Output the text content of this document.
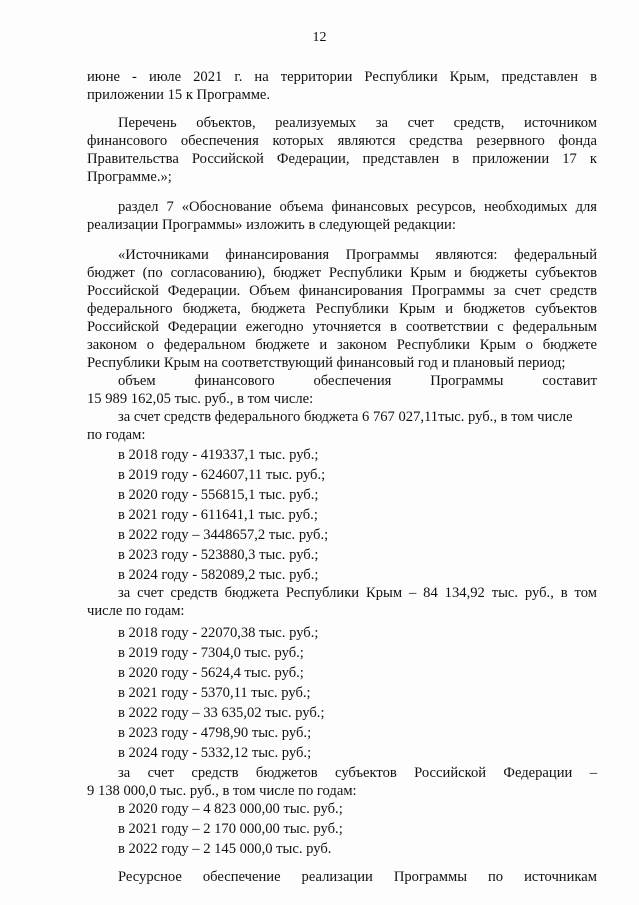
12
июне - июле 2021 г. на территории Республики Крым, представлен в
приложении 15 к Программе.
Перечень объектов, реализуемых за счет средств, источником
финансового обеспечения которых являются средства резервного фонда
Правительства Российской Федерации, представлен в приложении 17 к
Программе.»;
раздел 7 «Обоснование объема финансовых ресурсов, необходимых для
реализации Программы» изложить в следующей редакции:
«Источниками финансирования Программы являются: федеральный
бюджет (по согласованию), бюджет Республики Крым и бюджеты субъектов
Российской Федерации. Объем финансирования Программы за счет средств
федерального бюджета, бюджета Республики Крым и бюджетов субъектов
Российской Федерации ежегодно уточняется в соответствии с федеральным
законом о федеральном бюджете и законом Республики Крым о бюджете
Республики Крым на соответствующий финансовый год и плановый период;
объем финансового обеспечения Программы составит
15 989 162,05 тыс. руб., в том числе:
за счет средств федерального бюджета 6 767 027,11тыс. руб., в том числе
по годам:
в 2018 году - 419337,1 тыс. руб.;
в 2019 году - 624607,11 тыс. руб.;
в 2020 году - 556815,1 тыс. руб.;
в 2021 году - 611641,1 тыс. руб.;
в 2022 году – 3448657,2 тыс. руб.;
в 2023 году - 523880,3 тыс. руб.;
в 2024 году - 582089,2 тыс. руб.;
за счет средств бюджета Республики Крым – 84 134,92 тыс. руб., в том
числе по годам:
в 2018 году - 22070,38 тыс. руб.;
в 2019 году - 7304,0 тыс. руб.;
в 2020 году - 5624,4 тыс. руб.;
в 2021 году - 5370,11 тыс. руб.;
в 2022 году – 33 635,02 тыс. руб.;
в 2023 году - 4798,90 тыс. руб.;
в 2024 году - 5332,12 тыс. руб.;
за счет средств бюджетов субъектов Российской Федерации –
9 138 000,0 тыс. руб., в том числе по годам:
в 2020 году – 4 823 000,00 тыс. руб.;
в 2021 году – 2 170 000,00 тыс. руб.;
в 2022 году – 2 145 000,0 тыс. руб.
Ресурсное обеспечение реализации Программы по источникам
